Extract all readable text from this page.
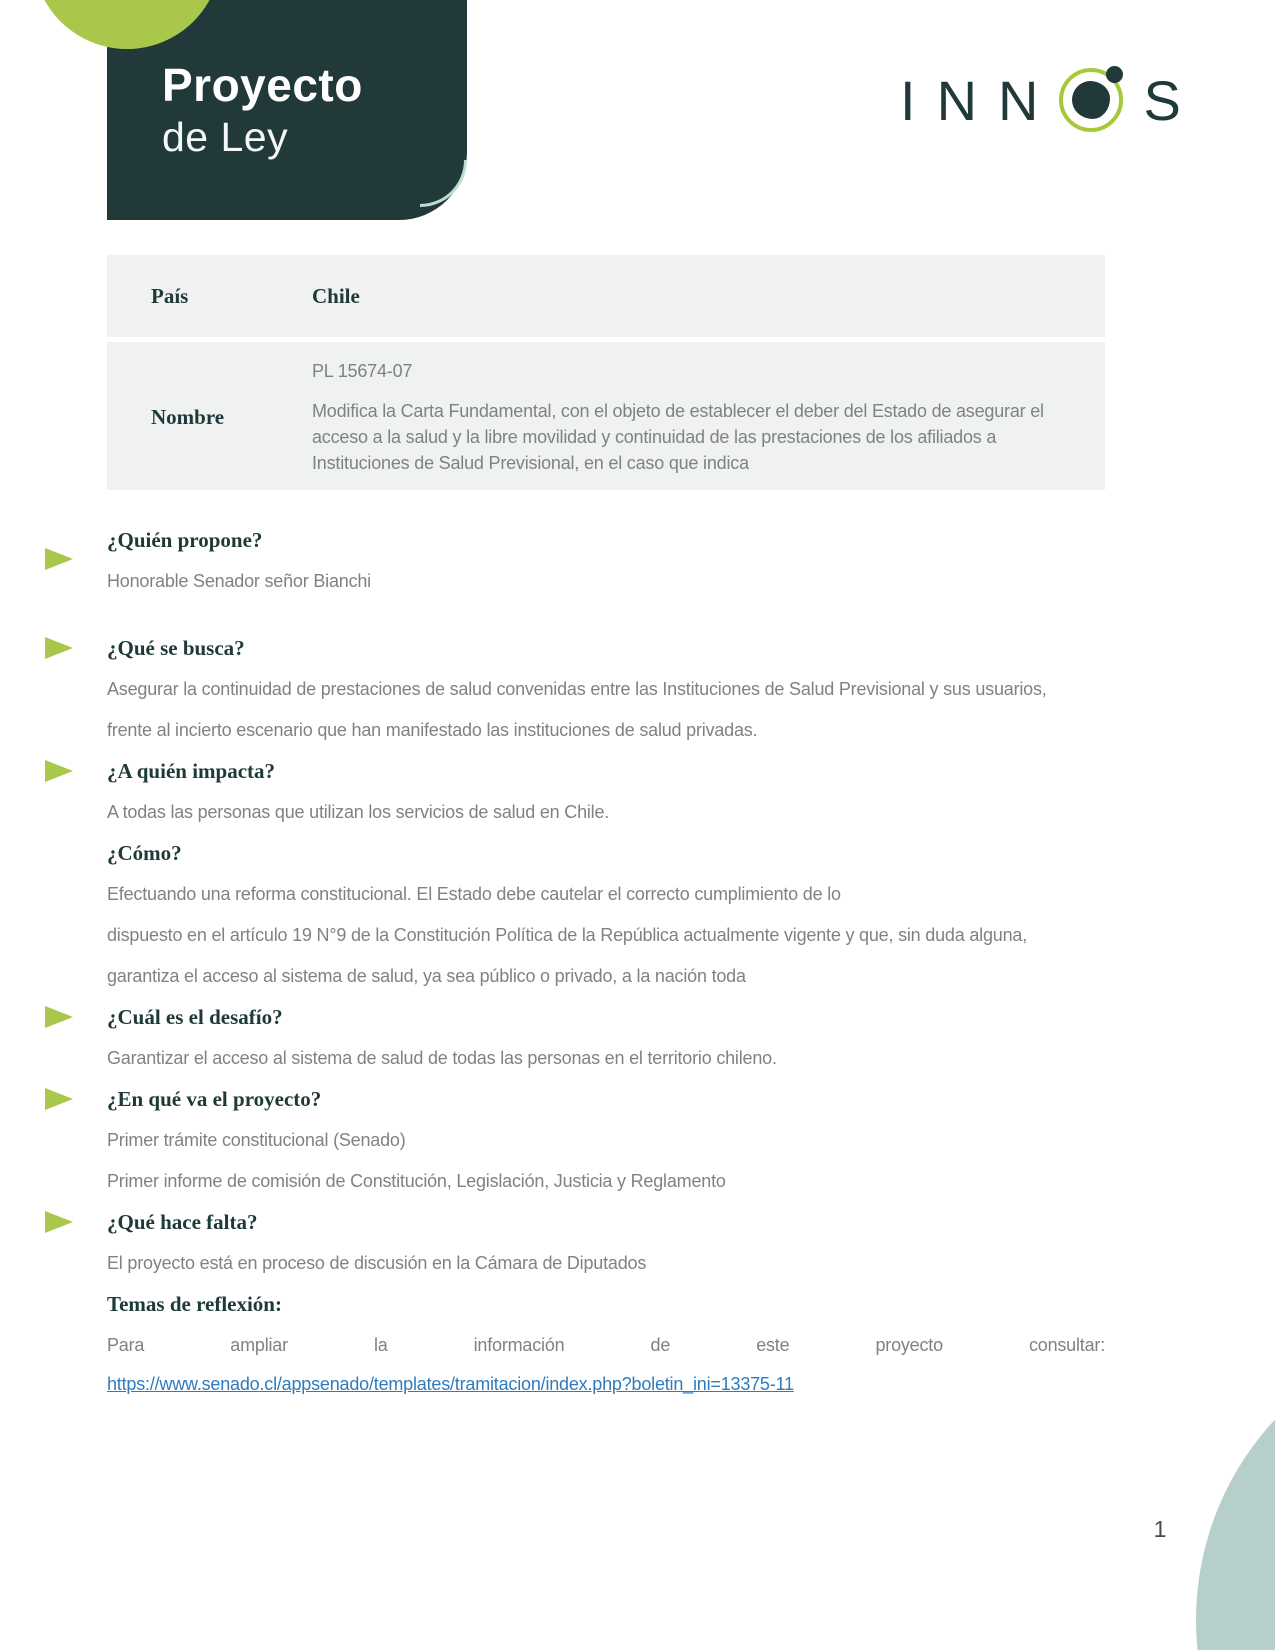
Proyecto
de Ley
I N N S
País	Chile
Nombre
PL 15674-07
Modifica la Carta Fundamental, con el objeto de establecer el deber del Estado de asegurar el
acceso a la salud y la libre movilidad y continuidad de las prestaciones de los afiliados a
Instituciones de Salud Previsional, en el caso que indica
¿Quién propone?
Honorable Senador señor Bianchi
¿Qué se busca?
Asegurar la continuidad de prestaciones de salud convenidas entre las Instituciones de Salud Previsional y sus usuarios,
frente al incierto escenario que han manifestado las instituciones de salud privadas.
¿A quién impacta?
A todas las personas que utilizan los servicios de salud en Chile.
¿Cómo?
Efectuando una reforma constitucional. El Estado debe cautelar el correcto cumplimiento de lo
dispuesto en el artículo 19 N°9 de la Constitución Política de la República actualmente vigente y que, sin duda alguna,
garantiza el acceso al sistema de salud, ya sea público o privado, a la nación toda
¿Cuál es el desafío?
Garantizar el acceso al sistema de salud de todas las personas en el territorio chileno.
¿En qué va el proyecto?
Primer trámite constitucional (Senado)
Primer informe de comisión de Constitución, Legislación, Justicia y Reglamento
¿Qué hace falta?
El proyecto está en proceso de discusión en la Cámara de Diputados
Temas de reflexión:
Para ampliar la información de este proyecto consultar:
https://www.senado.cl/appsenado/templates/tramitacion/index.php?boletin_ini=13375-11
1
